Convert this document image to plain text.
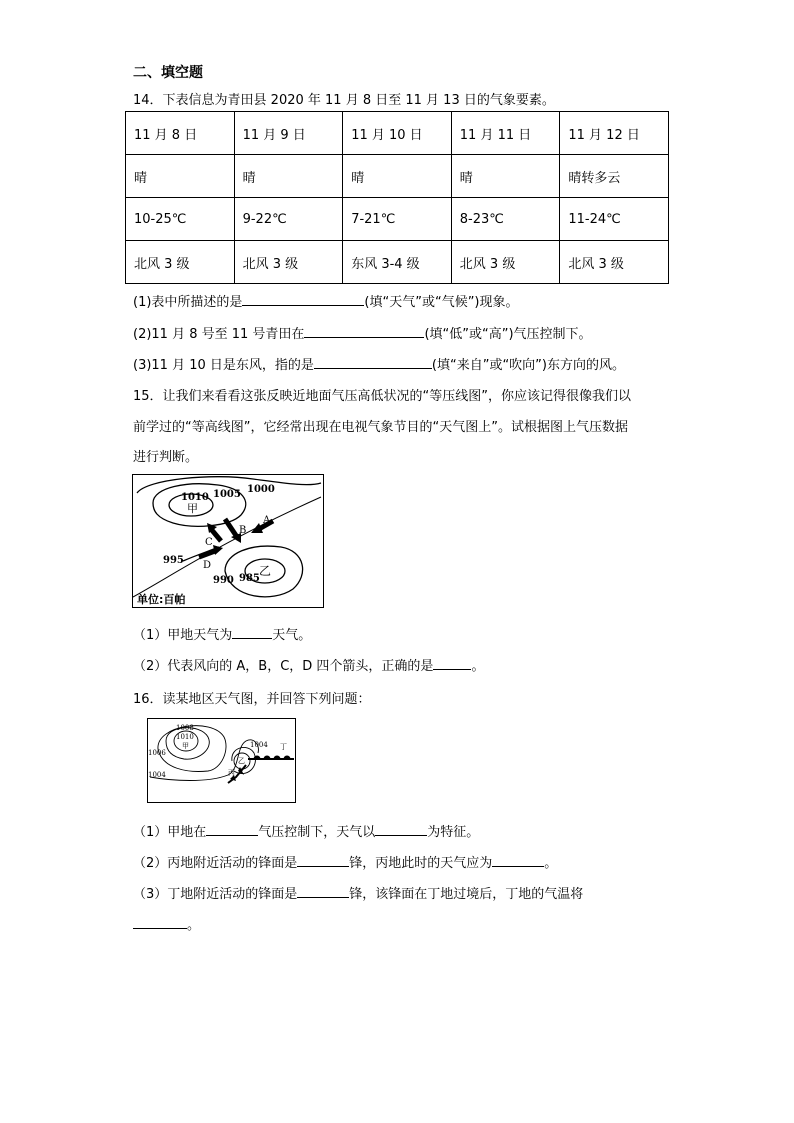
二、填空题
14．下表信息为青田县 2020 年 11 月 8 日至 11 月 13 日的气象要素。
11 月 8 日	11 月 9 日	11 月 10 日	11 月 11 日	11 月 12 日
晴	晴	晴	晴	晴转多云
10-25℃	9-22℃	7-21℃	8-23℃	11-24℃
北风 3 级	北风 3 级	东风 3-4 级	北风 3 级	北风 3 级
(1)表中所描述的是	(填“天气”或“气候”)现象。
(2)11 月 8 号至 11 号青田在	(填“低”或“高”)气压控制下。
(3)11 月 10 日是东风，指的是	(填“来自”或“吹向”)东方向的风。
15．让我们来看看这张反映近地面气压高低状况的“等压线图”，你应该记得很像我们以
前学过的“等高线图”，它经常出现在电视气象节目的“天气图上”。试根据图上气压数据
进行判断。
1010
甲
1005 1000
A
B
C
995 D	乙
990 985
单位:百帕
（1）甲地天气为	天气。
（2）代表风向的 A，B，C，D 四个箭头，正确的是	。
16．读某地区天气图，并回答下列问题：
1008
1010
甲
1006
1004
1004
乙
丙
丁
（1）甲地在	气压控制下，天气以	为特征。
（2）丙地附近活动的锋面是	锋，丙地此时的天气应为	。
（3）丁地附近活动的锋面是	锋，该锋面在丁地过境后，丁地的气温将
。
